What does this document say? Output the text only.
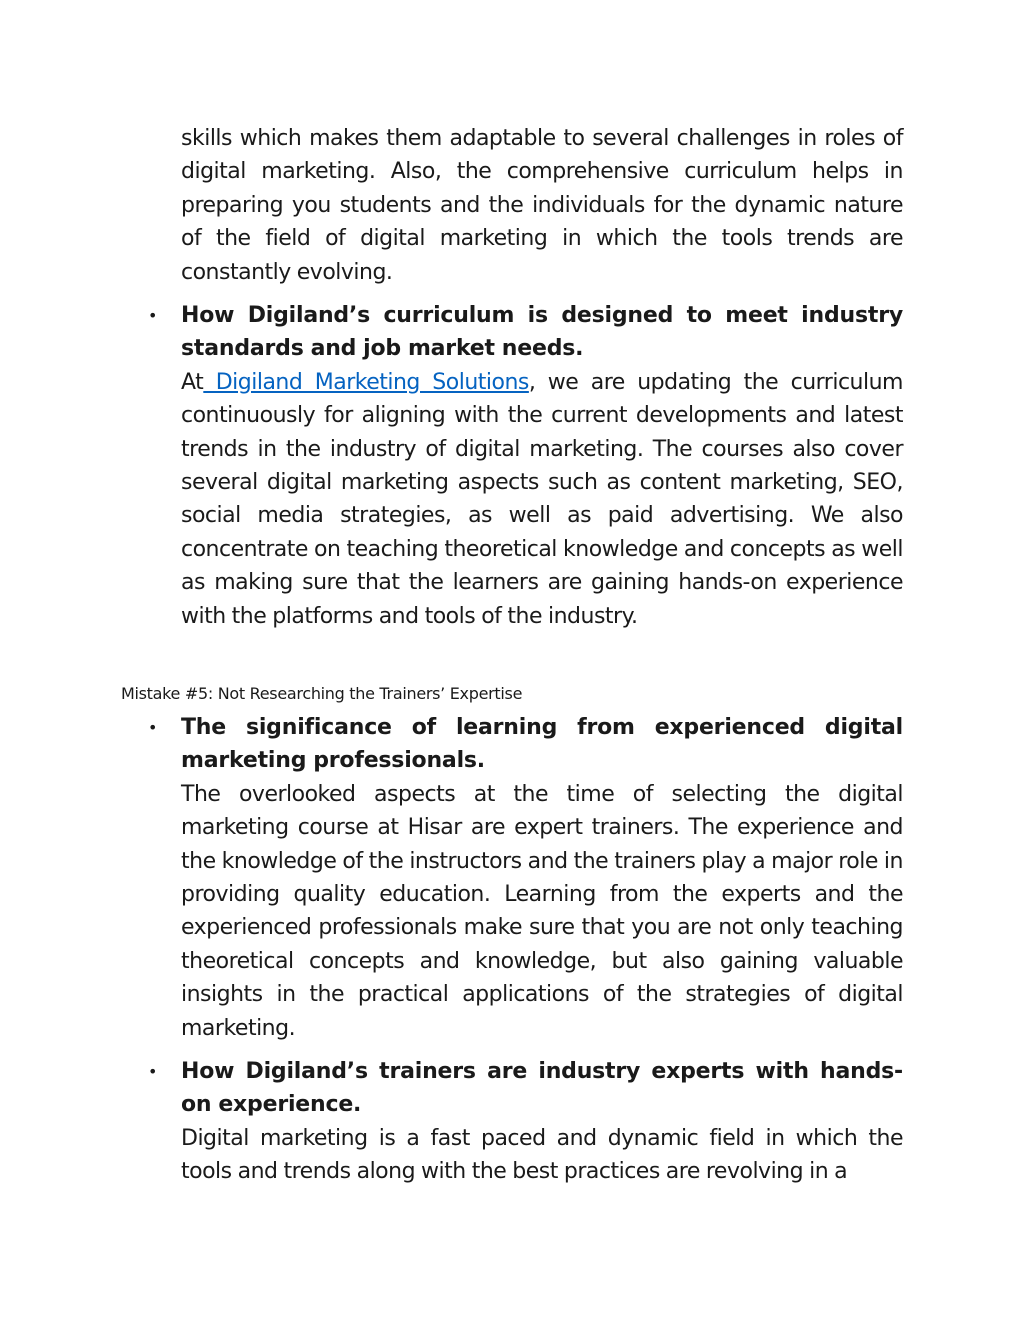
skills which makes them adaptable to several challenges in roles of digital marketing. Also, the comprehensive curriculum helps in preparing you students and the individuals for the dynamic nature of the field of digital marketing in which the tools trends are constantly evolving.

• How Digiland’s curriculum is designed to meet industry standards and job market needs.

At Digiland Marketing Solutions, we are updating the curriculum continuously for aligning with the current developments and latest trends in the industry of digital marketing. The courses also cover several digital marketing aspects such as content marketing, SEO, social media strategies, as well as paid advertising. We also concentrate on teaching theoretical knowledge and concepts as well as making sure that the learners are gaining hands-on experience with the platforms and tools of the industry.

Mistake #5: Not Researching the Trainers’ Expertise
• The significance of learning from experienced digital marketing professionals.

The overlooked aspects at the time of selecting the digital marketing course at Hisar are expert trainers. The experience and the knowledge of the instructors and the trainers play a major role in providing quality education. Learning from the experts and the experienced professionals make sure that you are not only teaching theoretical concepts and knowledge, but also gaining valuable insights in the practical applications of the strategies of digital marketing.

• How Digiland’s trainers are industry experts with hands-on experience.

Digital marketing is a fast paced and dynamic field in which the tools and trends along with the best practices are revolving in a
